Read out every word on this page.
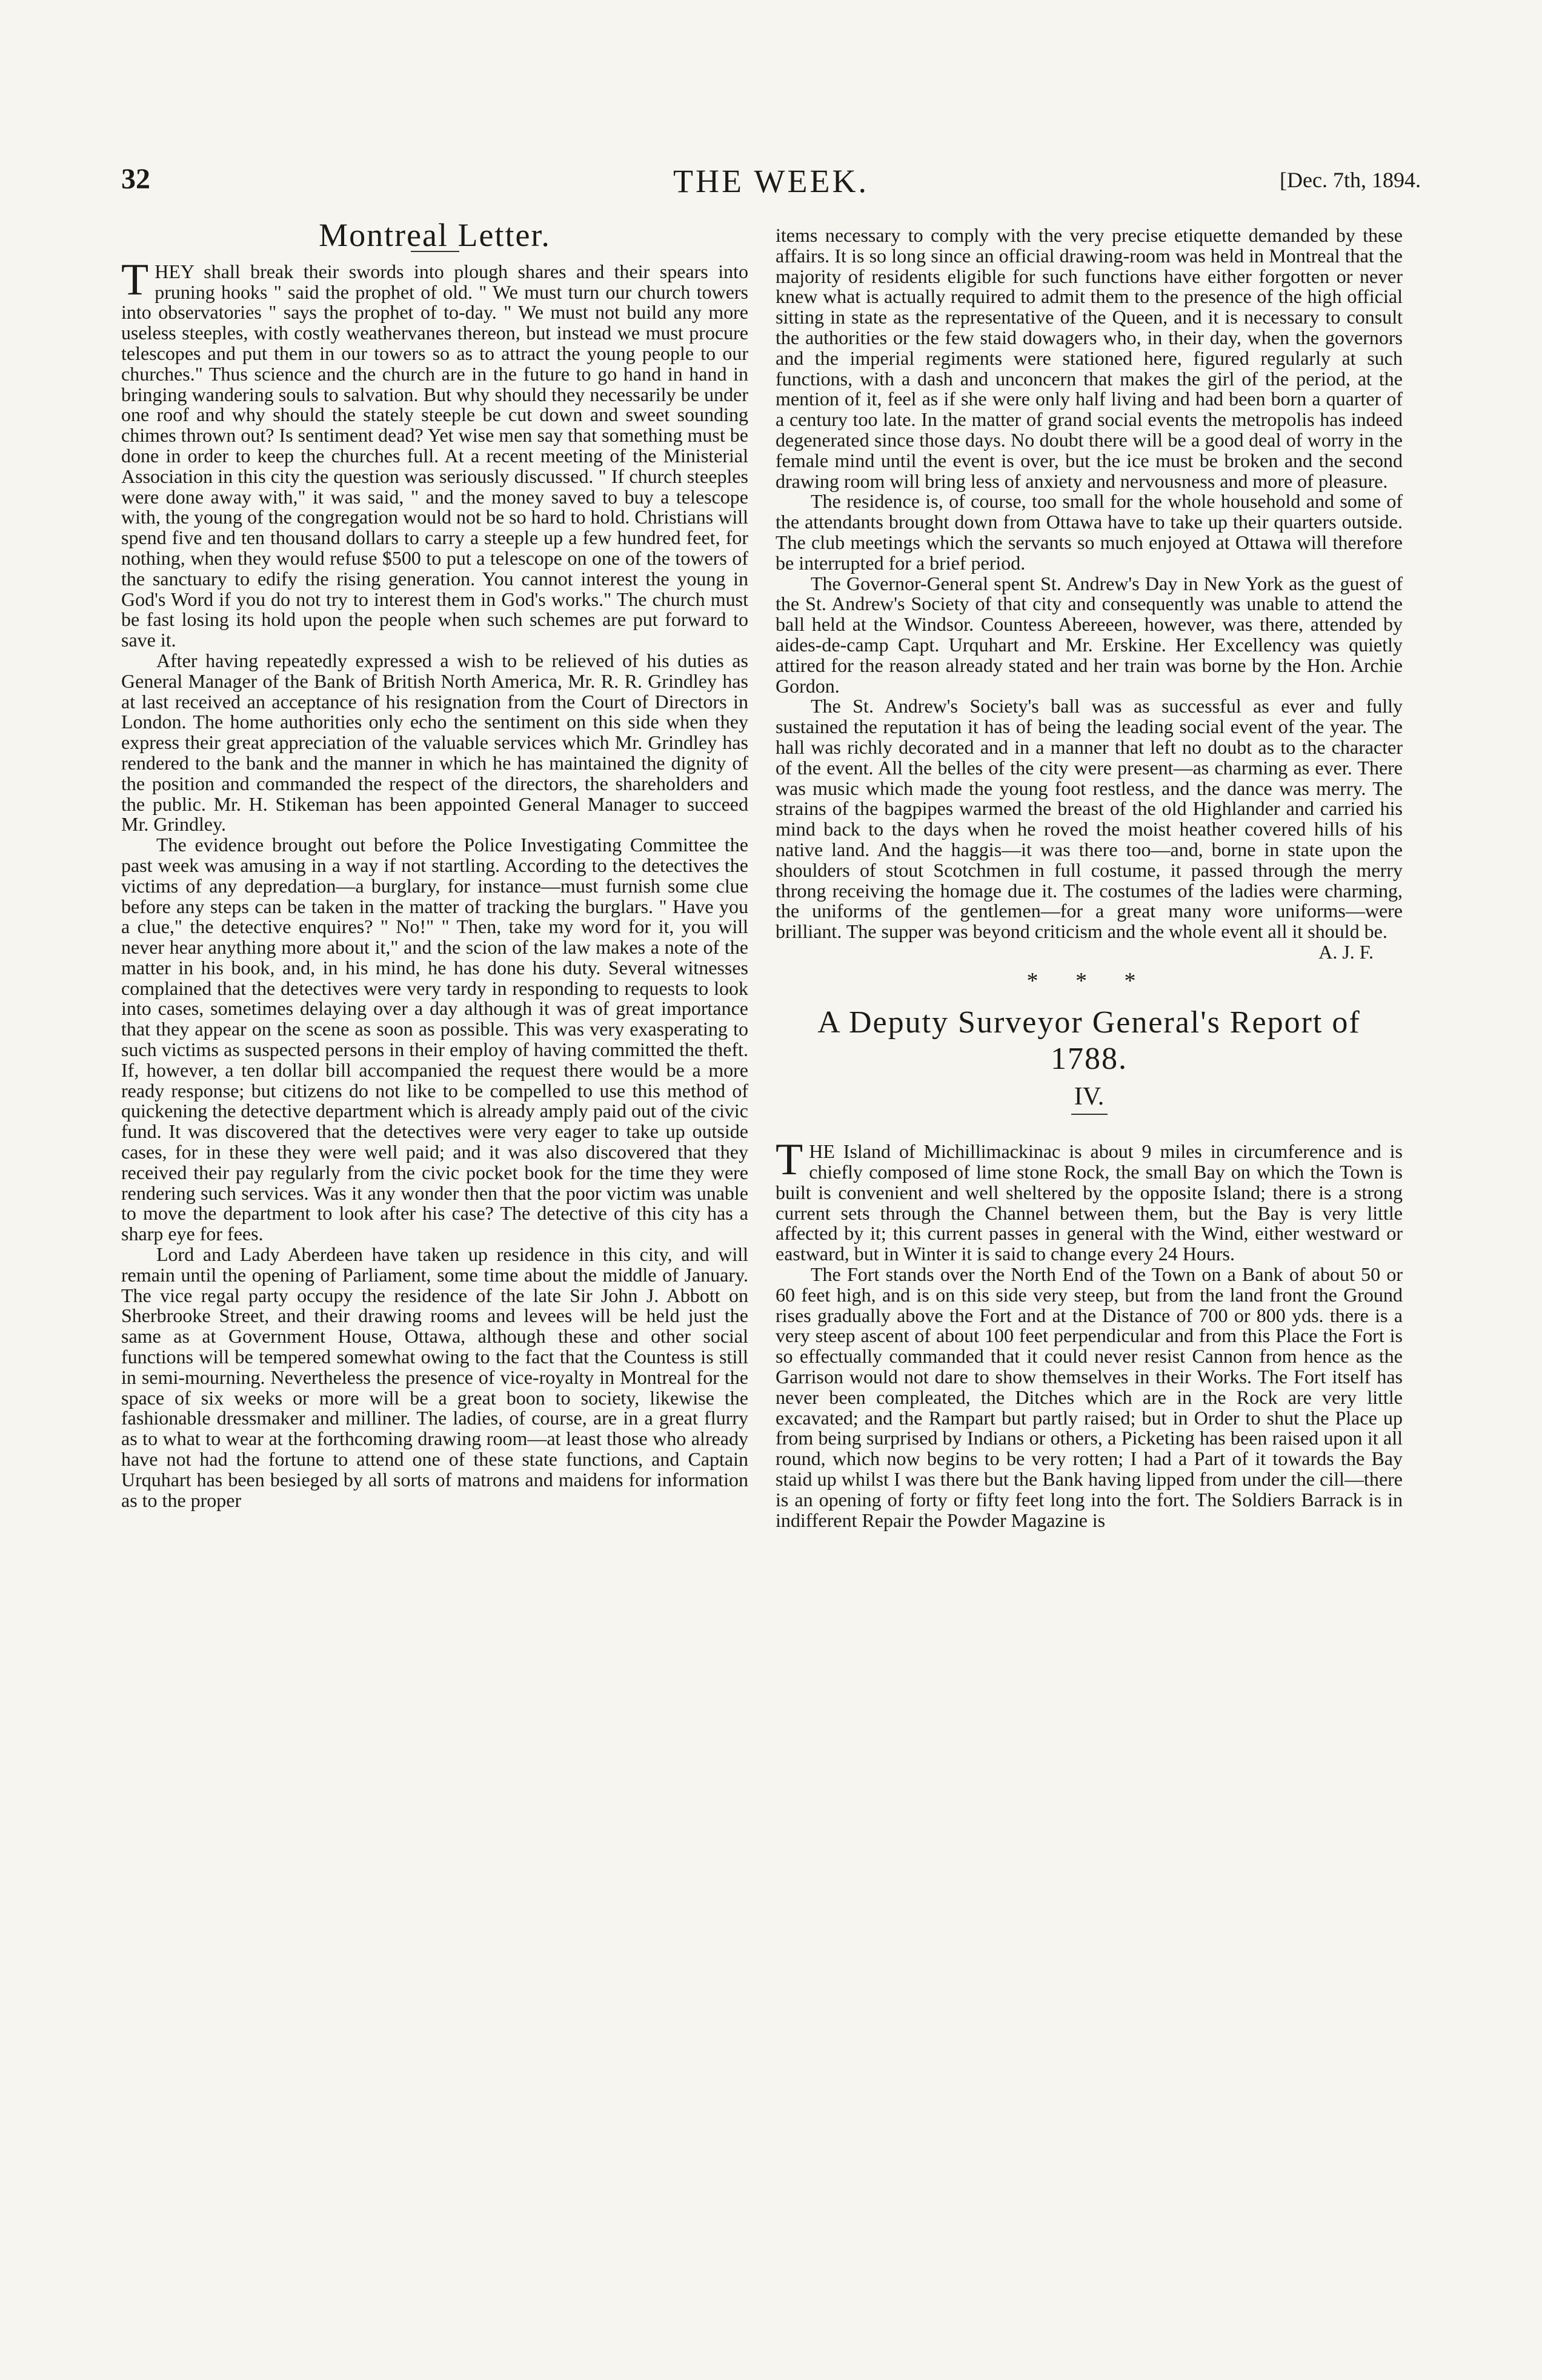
32	THE WEEK.	[Dec. 7th, 1894.
Montreal Letter.

THEY shall break their swords into plough shares and their spears into pruning hooks " said the prophet of old. " We must turn our church towers into observatories " says the prophet of to-day. " We must not build any more useless steeples, with costly weathervanes thereon, but instead we must procure telescopes and put them in our towers so as to attract the young people to our churches." Thus science and the church are in the future to go hand in hand in bringing wandering souls to salvation. But why should they necessarily be under one roof and why should the stately steeple be cut down and sweet sounding chimes thrown out? Is sentiment dead? Yet wise men say that something must be done in order to keep the churches full. At a recent meeting of the Ministerial Association in this city the question was seriously discussed. " If church steeples were done away with," it was said, " and the money saved to buy a telescope with, the young of the congregation would not be so hard to hold. Christians will spend five and ten thousand dollars to carry a steeple up a few hundred feet, for nothing, when they would refuse $500 to put a telescope on one of the towers of the sanctuary to edify the rising generation. You cannot interest the young in God's Word if you do not try to interest them in God's works." The church must be fast losing its hold upon the people when such schemes are put forward to save it.

After having repeatedly expressed a wish to be relieved of his duties as General Manager of the Bank of British North America, Mr. R. R. Grindley has at last received an acceptance of his resignation from the Court of Directors in London. The home authorities only echo the sentiment on this side when they express their great appreciation of the valuable services which Mr. Grindley has rendered to the bank and the manner in which he has maintained the dignity of the position and commanded the respect of the directors, the shareholders and the public. Mr. H. Stikeman has been appointed General Manager to succeed Mr. Grindley.

The evidence brought out before the Police Investigating Committee the past week was amusing in a way if not startling. According to the detectives the victims of any depredation—a burglary, for instance—must furnish some clue before any steps can be taken in the matter of tracking the burglars. " Have you a clue," the detective enquires? " No!" " Then, take my word for it, you will never hear anything more about it," and the scion of the law makes a note of the matter in his book, and, in his mind, he has done his duty. Several witnesses complained that the detectives were very tardy in responding to requests to look into cases, sometimes delaying over a day although it was of great importance that they appear on the scene as soon as possible. This was very exasperating to such victims as suspected persons in their employ of having committed the theft. If, however, a ten dollar bill accompanied the request there would be a more ready response; but citizens do not like to be compelled to use this method of quickening the detective department which is already amply paid out of the civic fund. It was discovered that the detectives were very eager to take up outside cases, for in these they were well paid; and it was also discovered that they received their pay regularly from the civic pocket book for the time they were rendering such services. Was it any wonder then that the poor victim was unable to move the department to look after his case? The detective of this city has a sharp eye for fees.

Lord and Lady Aberdeen have taken up residence in this city, and will remain until the opening of Parliament, some time about the middle of January. The vice regal party occupy the residence of the late Sir John J. Abbott on Sherbrooke Street, and their drawing rooms and levees will be held just the same as at Government House, Ottawa, although these and other social functions will be tempered somewhat owing to the fact that the Countess is still in semi-mourning. Nevertheless the presence of vice-royalty in Montreal for the space of six weeks or more will be a great boon to society, likewise the fashionable dressmaker and milliner. The ladies, of course, are in a great flurry as to what to wear at the forthcoming drawing room—at least those who already have not had the fortune to attend one of these state functions, and Captain Urquhart has been besieged by all sorts of matrons and maidens for information as to the proper

items necessary to comply with the very precise etiquette demanded by these affairs. It is so long since an official drawing-room was held in Montreal that the majority of residents eligible for such functions have either forgotten or never knew what is actually required to admit them to the presence of the high official sitting in state as the representative of the Queen, and it is necessary to consult the authorities or the few staid dowagers who, in their day, when the governors and the imperial regiments were stationed here, figured regularly at such functions, with a dash and unconcern that makes the girl of the period, at the mention of it, feel as if she were only half living and had been born a quarter of a century too late. In the matter of grand social events the metropolis has indeed degenerated since those days. No doubt there will be a good deal of worry in the female mind until the event is over, but the ice must be broken and the second drawing room will bring less of anxiety and nervousness and more of pleasure.

The residence is, of course, too small for the whole household and some of the attendants brought down from Ottawa have to take up their quarters outside. The club meetings which the servants so much enjoyed at Ottawa will therefore be interrupted for a brief period.

The Governor-General spent St. Andrew's Day in New York as the guest of the St. Andrew's Society of that city and consequently was unable to attend the ball held at the Windsor. Countess Abereeen, however, was there, attended by aides-de-camp Capt. Urquhart and Mr. Erskine. Her Excellency was quietly attired for the reason already stated and her train was borne by the Hon. Archie Gordon.

The St. Andrew's Society's ball was as successful as ever and fully sustained the reputation it has of being the leading social event of the year. The hall was richly decorated and in a manner that left no doubt as to the character of the event. All the belles of the city were present—as charming as ever. There was music which made the young foot restless, and the dance was merry. The strains of the bagpipes warmed the breast of the old Highlander and carried his mind back to the days when he roved the moist heather covered hills of his native land. And the haggis—it was there too—and, borne in state upon the shoulders of stout Scotchmen in full costume, it passed through the merry throng receiving the homage due it. The costumes of the ladies were charming, the uniforms of the gentlemen—for a great many wore uniforms—were brilliant. The supper was beyond criticism and the whole event all it should be.

A. J. F.

* * *
A Deputy Surveyor General's Report of 1788.
IV.

THE Island of Michillimackinac is about 9 miles in circumference and is chiefly composed of lime stone Rock, the small Bay on which the Town is built is convenient and well sheltered by the opposite Island; there is a strong current sets through the Channel between them, but the Bay is very little affected by it; this current passes in general with the Wind, either westward or eastward, but in Winter it is said to change every 24 Hours.

The Fort stands over the North End of the Town on a Bank of about 50 or 60 feet high, and is on this side very steep, but from the land front the Ground rises gradually above the Fort and at the Distance of 700 or 800 yds. there is a very steep ascent of about 100 feet perpendicular and from this Place the Fort is so effectually commanded that it could never resist Cannon from hence as the Garrison would not dare to show themselves in their Works. The Fort itself has never been compleated, the Ditches which are in the Rock are very little excavated; and the Rampart but partly raised; but in Order to shut the Place up from being surprised by Indians or others, a Picketing has been raised upon it all round, which now begins to be very rotten; I had a Part of it towards the Bay staid up whilst I was there but the Bank having lipped from under the cill—there is an opening of forty or fifty feet long into the fort. The Soldiers Barrack is in indifferent Repair the Powder Magazine is
